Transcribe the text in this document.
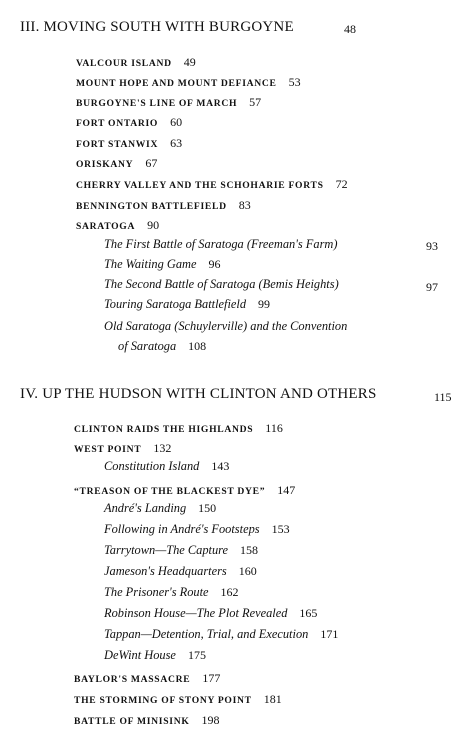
III. MOVING SOUTH WITH BURGOYNE	48
VALCOUR ISLAND 49
MOUNT HOPE AND MOUNT DEFIANCE 53
BURGOYNE'S LINE OF MARCH 57
FORT ONTARIO 60
FORT STANWIX 63
ORISKANY 67
CHERRY VALLEY AND THE SCHOHARIE FORTS 72
BENNINGTON BATTLEFIELD 83
SARATOGA 90
The First Battle of Saratoga (Freeman's Farm)	93
The Waiting Game 96
The Second Battle of Saratoga (Bemis Heights)	97
Touring Saratoga Battlefield 99
Old Saratoga (Schuylerville) and the Convention
of Saratoga 108
IV. UP THE HUDSON WITH CLINTON AND OTHERS	115
CLINTON RAIDS THE HIGHLANDS 116
WEST POINT 132
Constitution Island 143
“TREASON OF THE BLACKEST DYE” 147
André's Landing 150
Following in André's Footsteps 153
Tarrytown—The Capture 158
Jameson's Headquarters 160
The Prisoner's Route 162
Robinson House—The Plot Revealed 165
Tappan—Detention, Trial, and Execution 171
DeWint House 175
BAYLOR'S MASSACRE 177
THE STORMING OF STONY POINT 181
BATTLE OF MINISINK 198
